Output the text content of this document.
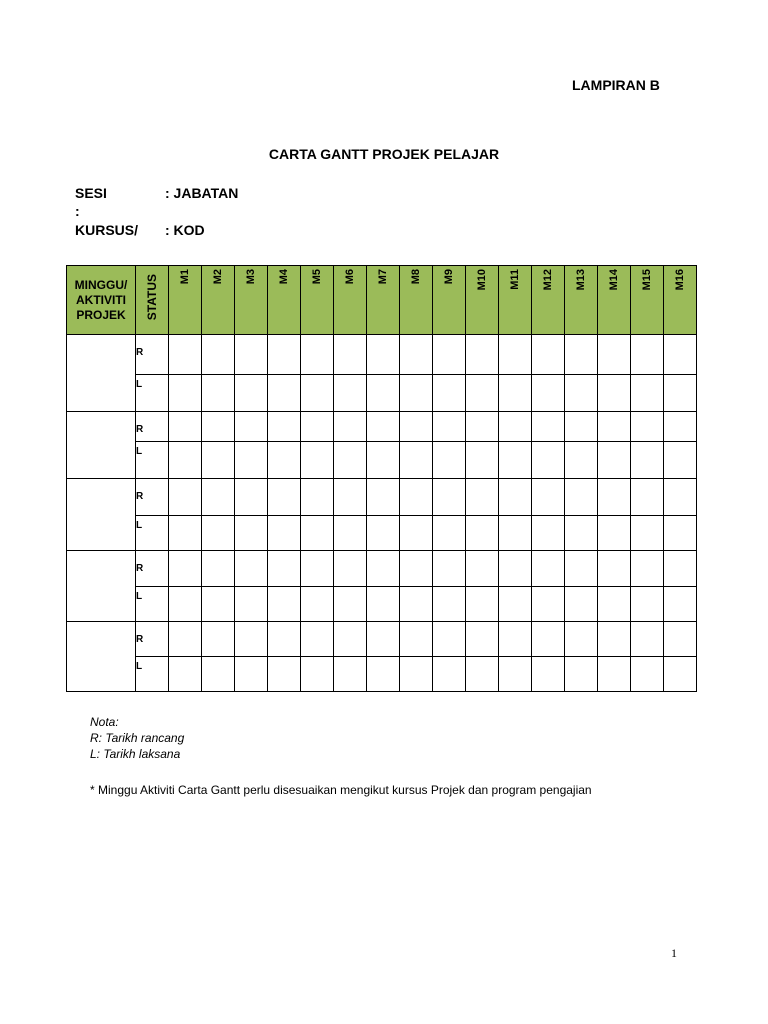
LAMPIRAN B
CARTA GANTT PROJEK PELAJAR
SESI	: JABATAN
:
KURSUS/ : KOD
MINGGU/
AKTIVITI
PROJEK	STATUS	M1	M2	M3	M4	M5	M6	M7	M8	M9	M10	M11	M12	M13	M14	M15	M16
	R																
	L																
	R																
	L																
	R																
	L																
	R																
	L																
	R																
	L																
Nota:
R: Tarikh rancang
L: Tarikh laksana
* Minggu Aktiviti Carta Gantt perlu disesuaikan mengikut kursus Projek dan program pengajian
1
